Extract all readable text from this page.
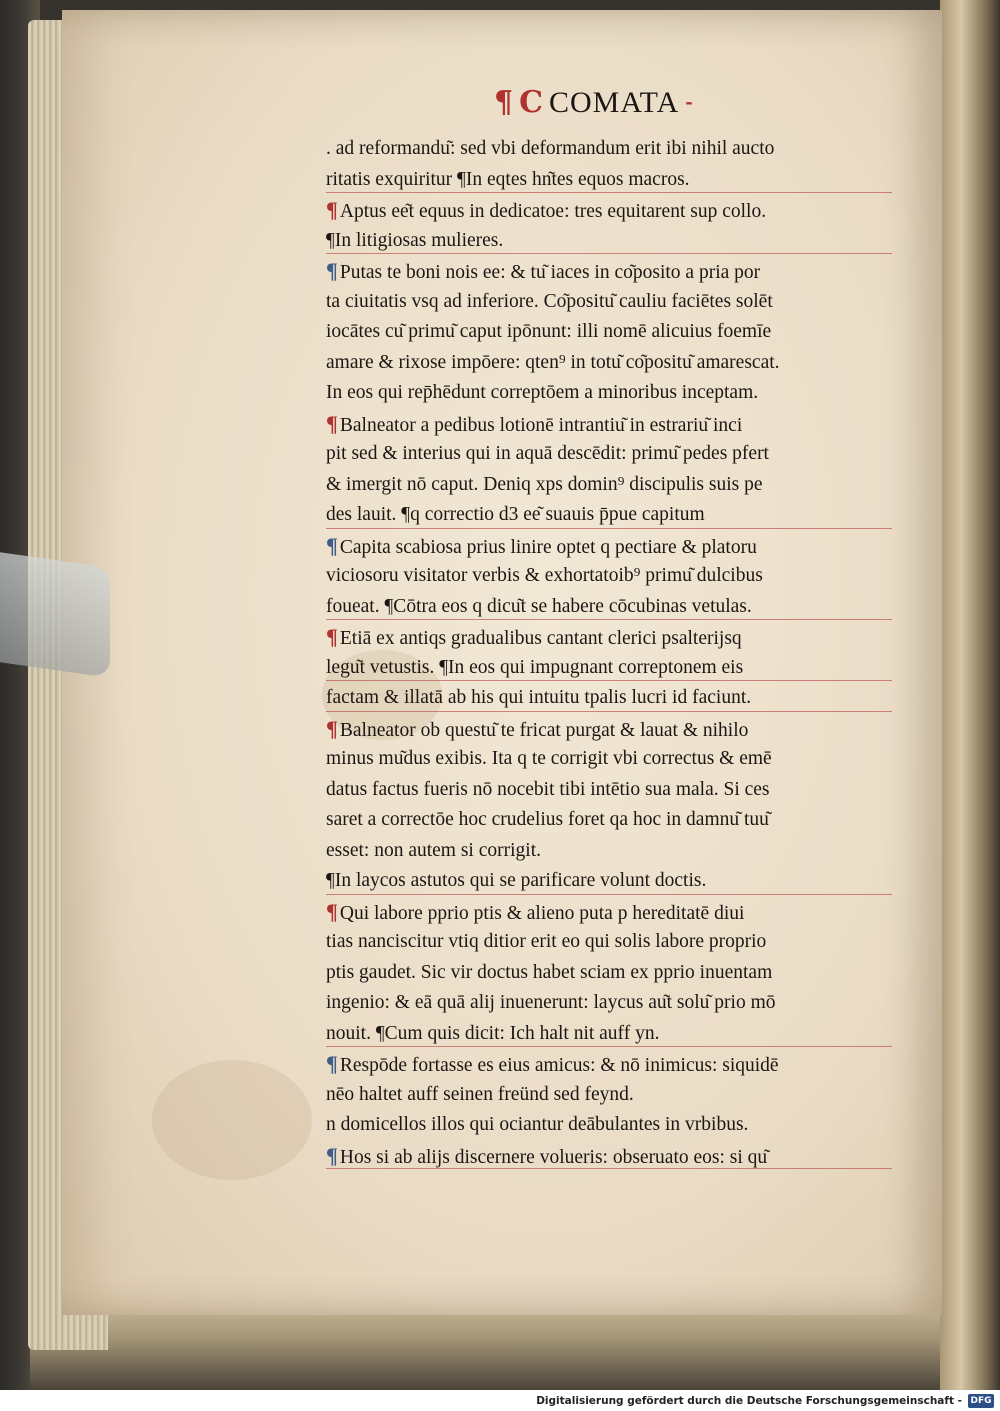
¶ C COMATA -
. ad reformandu͂: sed vbi deformandum erit ibi nihil aucto
ritatis exquiritur ¶In eqtes hn͂tes equos macros.
¶ Aptus ee͂t equus in dedicatoe: tres equitarent sup collo.
¶In litigiosas mulieres.
¶ Putas te boni nois ee: & tu͂ iaces in co͂posito a pria por
ta ciuitatis vsq ad inferiore. Co͂positu͂ cauliu faciētes solēt
iocātes cu͂ primu͂ caput ipōnunt: illi nomē alicuius foemīe
amare & rixose impōere: qten⁹ in totu͂ co͂positu͂ amarescat.
In eos qui rep̄hēdunt correptōem a minoribus inceptam.
¶ Balneator a pedibus lotionē intrantiu͂ in estrariu͂ inci
pit sed & interius qui in aquā descēdit: primu͂ pedes pfert
& imergit nō caput. Deniq xps domin⁹ discipulis suis pe
des lauit. ¶q correctio d3 ee͂ suauis p̄pue capitum
¶ Capita scabiosa prius linire optet q pectiare & platoru
viciosoru visitator verbis & exhortatoib⁹ primu͂ dulcibus
foueat. ¶Cōtra eos q dicu͂t se habere cōcubinas vetulas.
¶ Etiā ex antiqs gradualibus cantant clerici psalterijsq
legu͂t vetustis. ¶In eos qui impugnant correptonem eis
factam & illatā ab his qui intuitu tpalis lucri id faciunt.
¶ Balneator ob questu͂ te fricat purgat & lauat & nihilo
minus mu͂dus exibis. Ita q te corrigit vbi correctus & emē
datus factus fueris nō nocebit tibi intētio sua mala. Si ces
saret a correctōe hoc crudelius foret qa hoc in damnu͂ tuu͂
esset: non autem si corrigit.
¶In laycos astutos qui se parificare volunt doctis.
¶ Qui labore pprio ptis & alieno puta p hereditatē diui
tias nanciscitur vtiq ditior erit eo qui solis labore proprio
ptis gaudet. Sic vir doctus habet sciam ex pprio inuentam
ingenio: & eā quā alij inuenerunt: laycus au͂t solu͂ prio mō
nouit. ¶Cum quis dicit: Ich halt nit auff yn.
¶ Respōde fortasse es eius amicus: & nō inimicus: siquidē
nēo haltet auff seinen freünd sed feynd.
n domicellos illos qui ociantur deābulantes in vrbibus.
¶ Hos si ab alijs discernere volueris: obseruato eos: si qu͂
Digitalisierung gefördert durch die Deutsche Forschungsgemeinschaft - DFG
